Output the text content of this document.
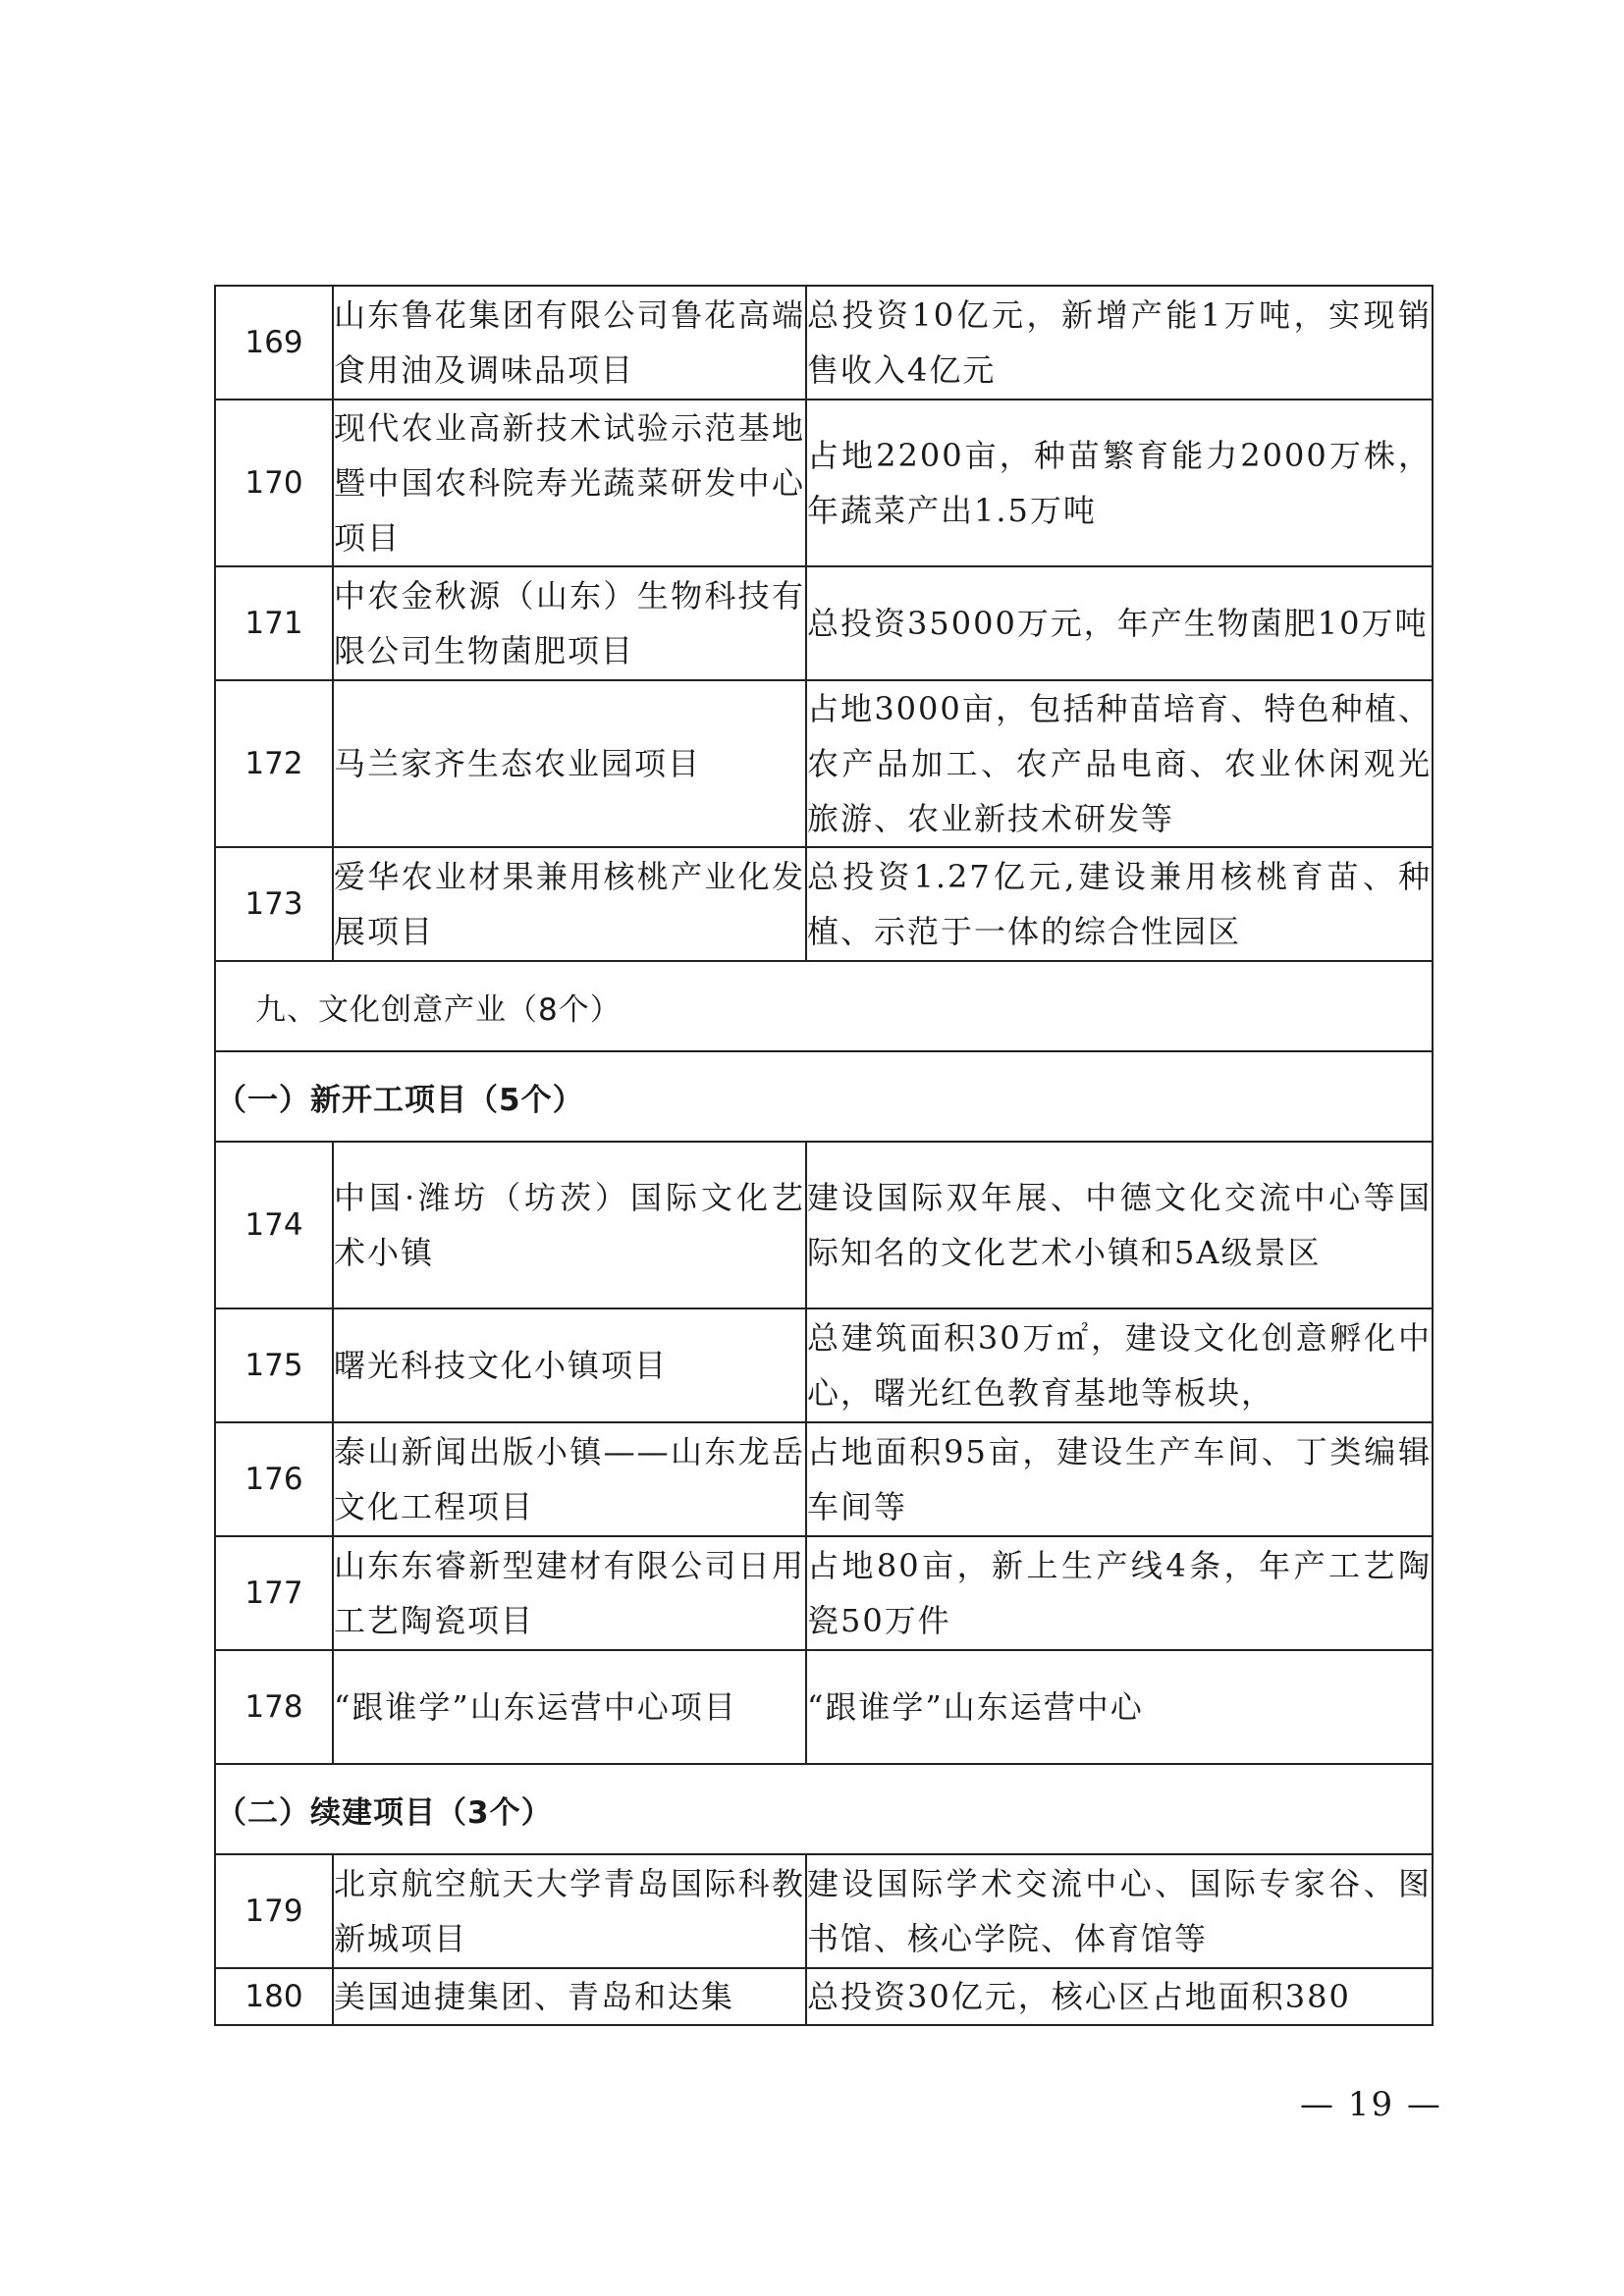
169	山东鲁花集团有限公司鲁花高端食用油及调味品项目	总投资10亿元，新增产能1万吨，实现销售收入4亿元
170	现代农业高新技术试验示范基地暨中国农科院寿光蔬菜研发中心项目	占地2200亩，种苗繁育能力2000万株，年蔬菜产出1.5万吨
171	中农金秋源（山东）生物科技有限公司生物菌肥项目	总投资35000万元，年产生物菌肥10万吨
172	马兰家齐生态农业园项目	占地3000亩，包括种苗培育、特色种植、农产品加工、农产品电商、农业休闲观光旅游、农业新技术研发等
173	爱华农业材果兼用核桃产业化发展项目	总投资1.27亿元,建设兼用核桃育苗、种植、示范于一体的综合性园区
九、文化创意产业（8个）		
（一）新开工项目（5个）		
174	中国·潍坊（坊茨）国际文化艺术小镇	建设国际双年展、中德文化交流中心等国际知名的文化艺术小镇和5A级景区
175	曙光科技文化小镇项目	总建筑面积30万㎡，建设文化创意孵化中心，曙光红色教育基地等板块，
176	泰山新闻出版小镇——山东龙岳文化工程项目	占地面积95亩，建设生产车间、丁类编辑车间等
177	山东东睿新型建材有限公司日用工艺陶瓷项目	占地80亩，新上生产线4条，年产工艺陶瓷50万件
178	“跟谁学”山东运营中心项目	“跟谁学”山东运营中心
（二）续建项目（3个）		
179	北京航空航天大学青岛国际科教新城项目	建设国际学术交流中心、国际专家谷、图书馆、核心学院、体育馆等
180	美国迪捷集团、青岛和达集	总投资30亿元，核心区占地面积380
— 19 —
